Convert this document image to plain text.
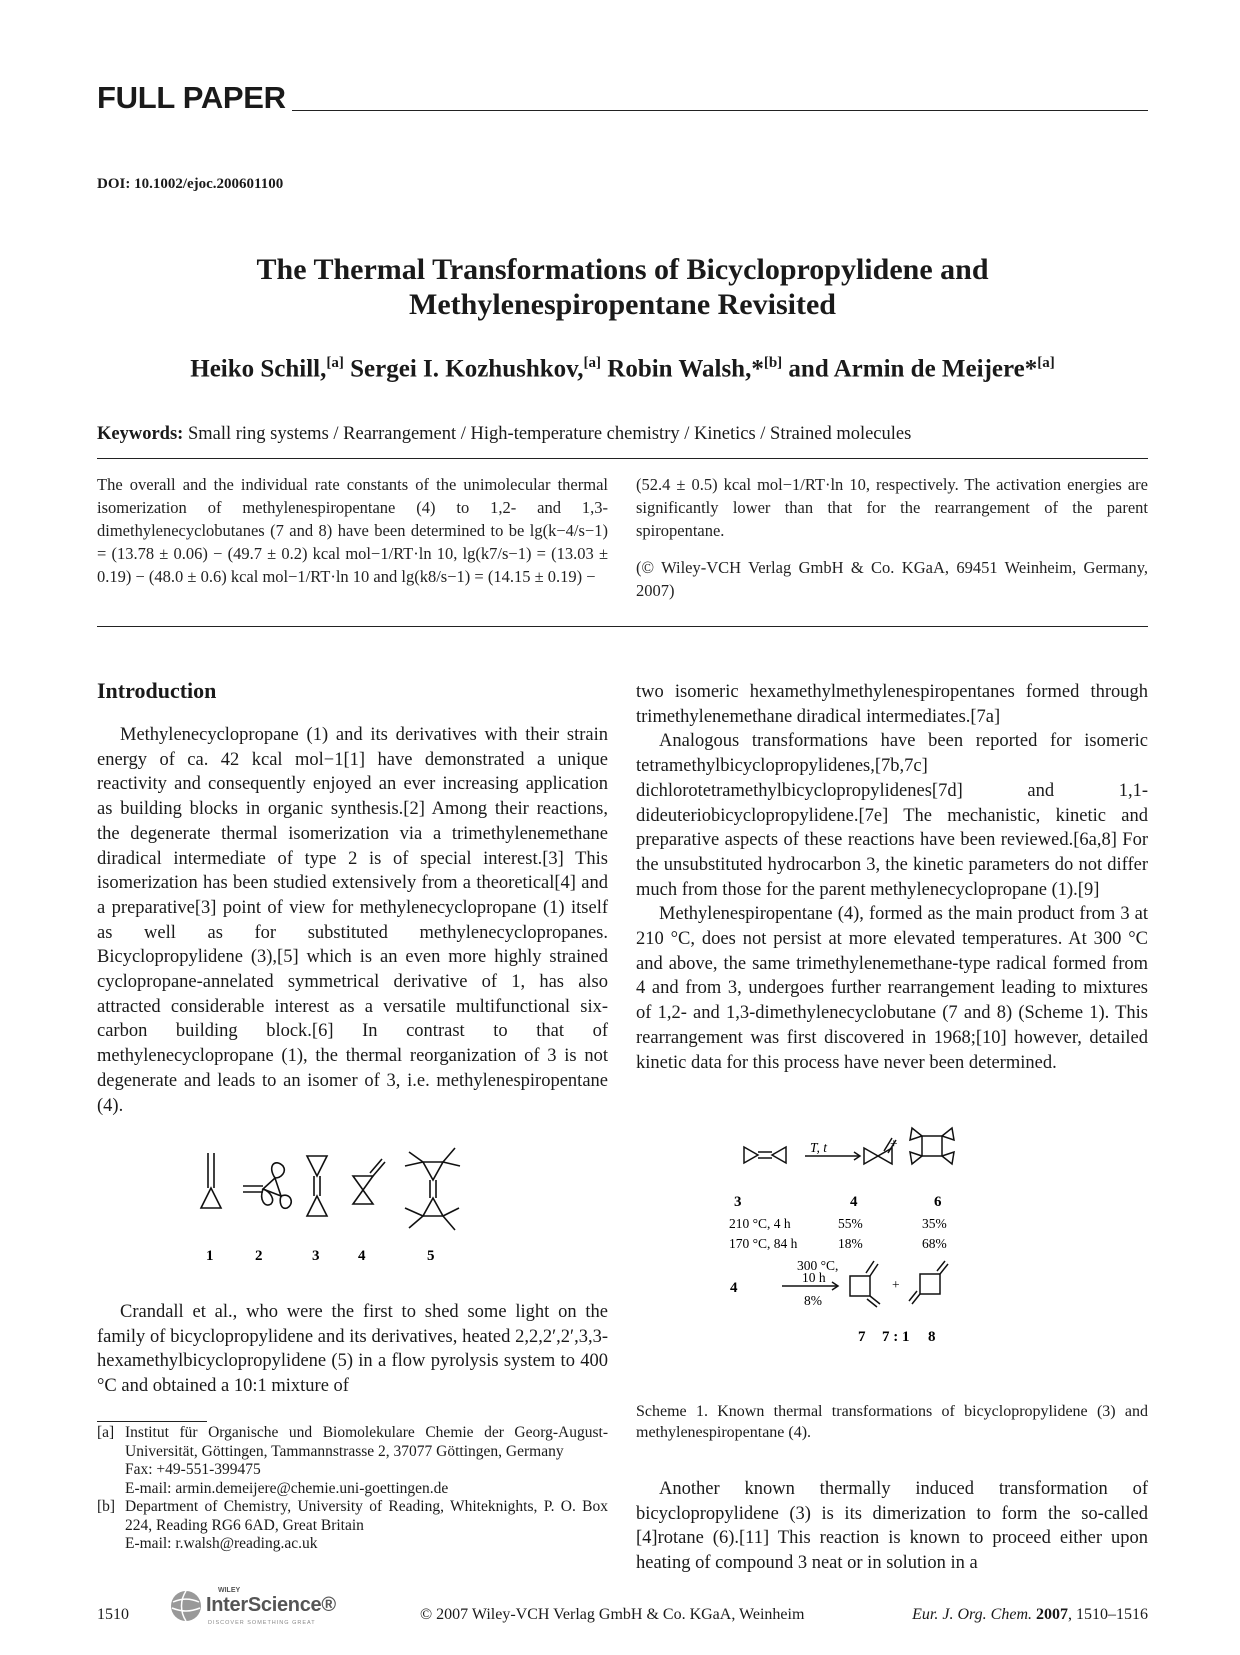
FULL PAPER
DOI: 10.1002/ejoc.200601100
The Thermal Transformations of Bicyclopropylidene and
Methylenespiropentane Revisited
Heiko Schill,[a] Sergei I. Kozhushkov,[a] Robin Walsh,*[b] and Armin de Meijere*[a]
Keywords: Small ring systems / Rearrangement / High-temperature chemistry / Kinetics / Strained molecules

The overall and the individual rate constants of the unimolecular thermal isomerization of methylenespiropentane (4) to 1,2- and 1,3-dimethylenecyclobutanes (7 and 8) have been determined to be lg(k−4/s−1) = (13.78 ± 0.06) − (49.7 ± 0.2) kcal mol−1/RT·ln 10, lg(k7/s−1) = (13.03 ± 0.19) − (48.0 ± 0.6) kcal mol−1/RT·ln 10 and lg(k8/s−1) = (14.15 ± 0.19) −

(52.4 ± 0.5) kcal mol−1/RT·ln 10, respectively. The activation energies are significantly lower than that for the rearrangement of the parent spiropentane.

(© Wiley-VCH Verlag GmbH & Co. KGaA, 69451 Weinheim, Germany, 2007)

Introduction

Methylenecyclopropane (1) and its derivatives with their strain energy of ca. 42 kcal mol−1[1] have demonstrated a unique reactivity and consequently enjoyed an ever increasing application as building blocks in organic synthesis.[2] Among their reactions, the degenerate thermal isomerization via a trimethylenemethane diradical intermediate of type 2 is of special interest.[3] This isomerization has been studied extensively from a theoretical[4] and a preparative[3] point of view for methylenecyclopropane (1) itself as well as for substituted methylenecyclopropanes. Bicyclopropylidene (3),[5] which is an even more highly strained cyclopropane-annelated symmetrical derivative of 1, has also attracted considerable interest as a versatile multifunctional six-carbon building block.[6] In contrast to that of methylenecyclopropane (1), the thermal reorganization of 3 is not degenerate and leads to an isomer of 3, i.e. methylenespiropentane (4).

1	2	3	4	5

Crandall et al., who were the first to shed some light on the family of bicyclopropylidene and its derivatives, heated 2,2,2′,2′,3,3-hexamethylbicyclopropylidene (5) in a flow pyrolysis system to 400 °C and obtained a 10:1 mixture of

[a] Institut für Organische und Biomolekulare Chemie der Georg-August-Universität, Göttingen, Tammannstrasse 2, 37077 Göttingen, Germany
Fax: +49-551-399475
E-mail: armin.demeijere@chemie.uni-goettingen.de
[b] Department of Chemistry, University of Reading, Whiteknights, P. O. Box 224, Reading RG6 6AD, Great Britain
E-mail: r.walsh@reading.ac.uk

two isomeric hexamethylmethylenespiropentanes formed through trimethylenemethane diradical intermediates.[7a]

Analogous transformations have been reported for isomeric tetramethylbicyclopropylidenes,[7b,7c] dichlorotetramethylbicyclopropylidenes[7d] and 1,1-dideuteriobicyclopropylidene.[7e] The mechanistic, kinetic and preparative aspects of these reactions have been reviewed.[6a,8] For the unsubstituted hydrocarbon 3, the kinetic parameters do not differ much from those for the parent methylenecyclopropane (1).[9]

Methylenespiropentane (4), formed as the main product from 3 at 210 °C, does not persist at more elevated temperatures. At 300 °C and above, the same trimethylenemethane-type radical formed from 4 and from 3, undergoes further rearrangement leading to mixtures of 1,2- and 1,3-dimethylenecyclobutane (7 and 8) (Scheme 1). This rearrangement was first discovered in 1968;[10] however, detailed kinetic data for this process have never been determined.

T, t
3	4	6
210 °C, 4 h	55%	35%
170 °C, 84 h	18%	68%
4
300 °C,
10 h
8%
+
+
7 7 : 1 8
Scheme 1. Known thermal transformations of bicyclopropylidene (3) and methylenespiropentane (4).

Another known thermally induced transformation of bicyclopropylidene (3) is its dimerization to form the so-called [4]rotane (6).[11] This reaction is known to proceed either upon heating of compound 3 neat or in solution in a

1510
WILEY
InterScience®
DISCOVER SOMETHING GREAT	© 2007 Wiley-VCH Verlag GmbH & Co. KGaA, Weinheim	Eur. J. Org. Chem. 2007, 1510–1516
